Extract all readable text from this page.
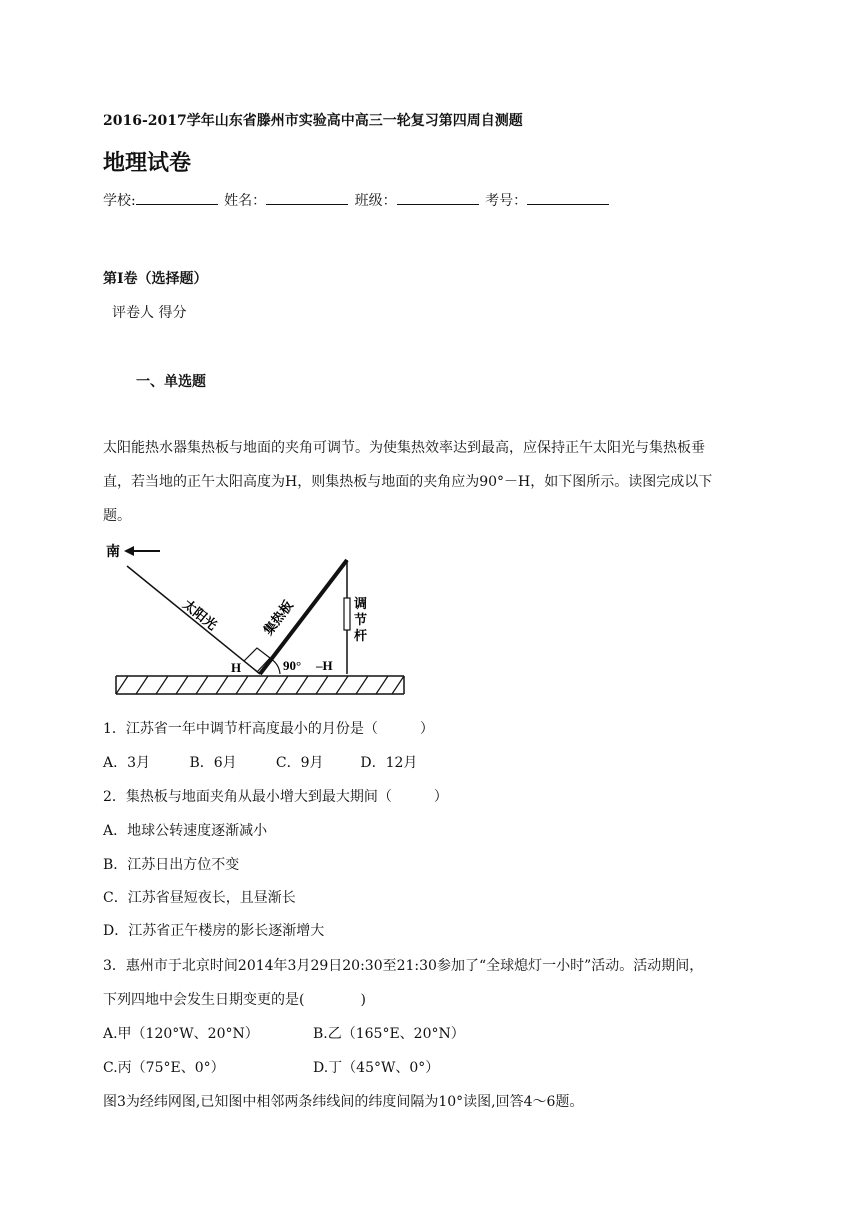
2016-2017学年山东省滕州市实验高中高三一轮复习第四周自测题
地理试卷
学校:	姓名：	班级：	考号：
第I卷（选择题）
评卷人 得分
一、单选题
太阳能热水器集热板与地面的夹角可调节。为使集热效率达到最高，应保持正午太阳光与集热板垂
直，若当地的正午太阳高度为H，则集热板与地面的夹角应为90°－H，如下图所示。读图完成以下
题。
南
太阳光	集热板	调
节
杆
H	90° –H
1．江苏省一年中调节杆高度最小的月份是（　　　）
A．3月	B．6月	C．9月	D．12月
2．集热板与地面夹角从最小增大到最大期间（　　　）
A．地球公转速度逐渐减小
B．江苏日出方位不变
C．江苏省昼短夜长，且昼渐长
D．江苏省正午楼房的影长逐渐增大
3．惠州市于北京时间2014年3月29日20:30至21:30参加了“全球熄灯一小时”活动。活动期间，
下列四地中会发生日期变更的是(　　　　)
A.甲（120°W、20°N）	B.乙（165°E、20°N）
C.丙（75°E、0°）	D.丁（45°W、0°）
图3为经纬网图,已知图中相邻两条纬线间的纬度间隔为10°读图,回答4～6题。
